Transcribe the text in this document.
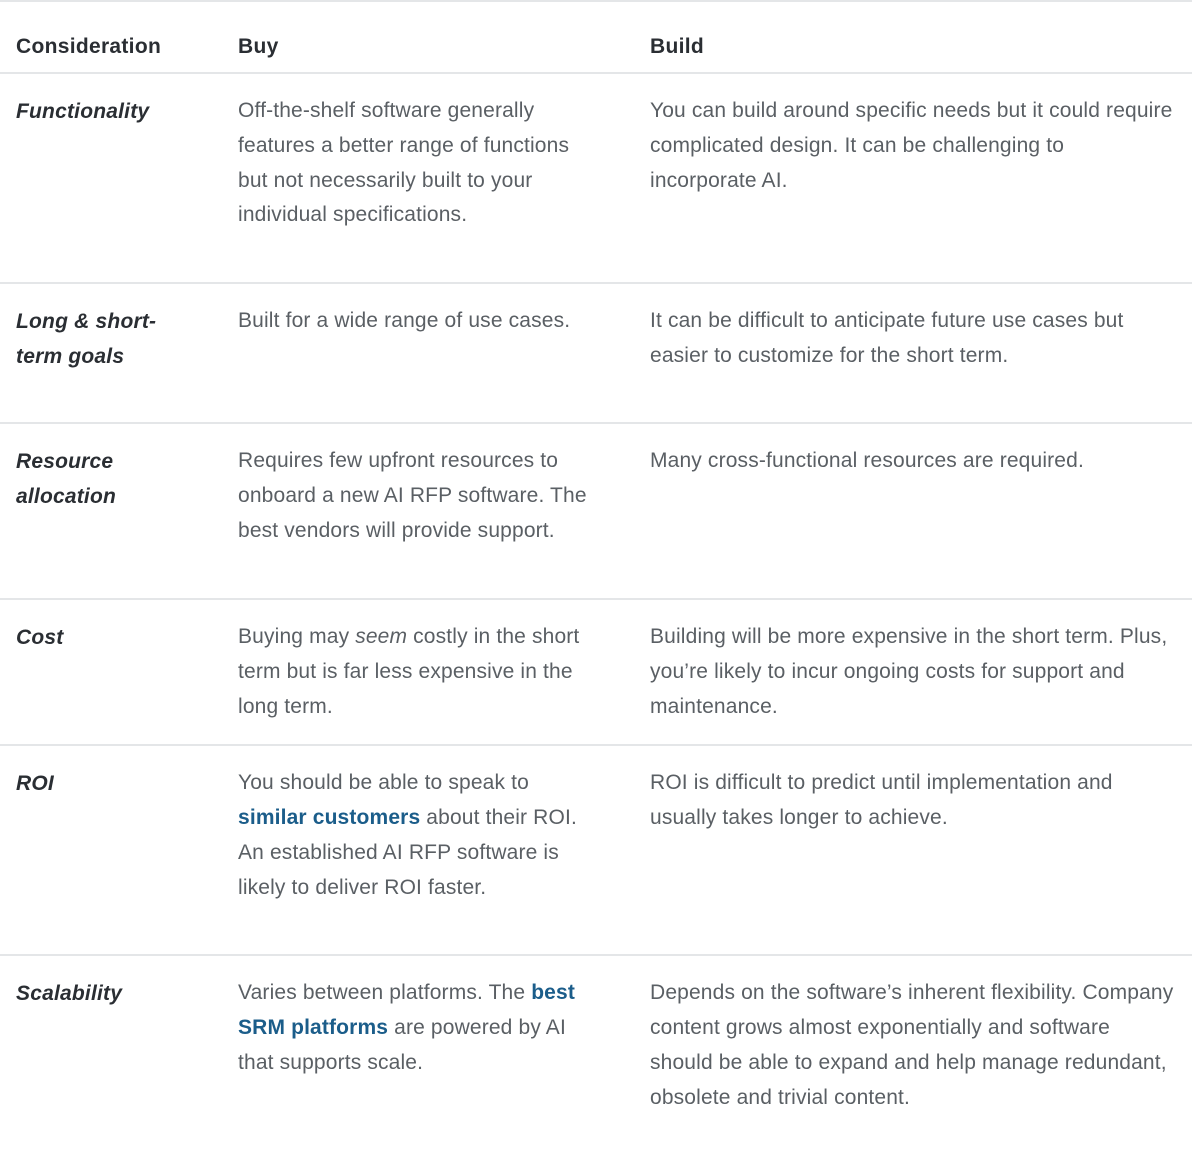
Consideration	Buy	Build
Functionality	Off-the-shelf software generally features a better range of functions but not necessarily built to your individual specifications.	You can build around specific needs but it could require complicated design. It can be challenging to incorporate AI.
Long & short-term goals	Built for a wide range of use cases.	It can be difficult to anticipate future use cases but easier to customize for the short term.
Resource allocation	Requires few upfront resources to onboard a new AI RFP software. The best vendors will provide support.	Many cross-functional resources are required.
Cost	Buying may seem costly in the short term but is far less expensive in the long term.	Building will be more expensive in the short term. Plus, you’re likely to incur ongoing costs for support and maintenance.
ROI	You should be able to speak to similar customers about their ROI. An established AI RFP software is likely to deliver ROI faster.	ROI is difficult to predict until implementation and usually takes longer to achieve.
Scalability	Varies between platforms. The best SRM platforms are powered by AI that supports scale.	Depends on the software’s inherent flexibility. Company content grows almost exponentially and software should be able to expand and help manage redundant, obsolete and trivial content.
